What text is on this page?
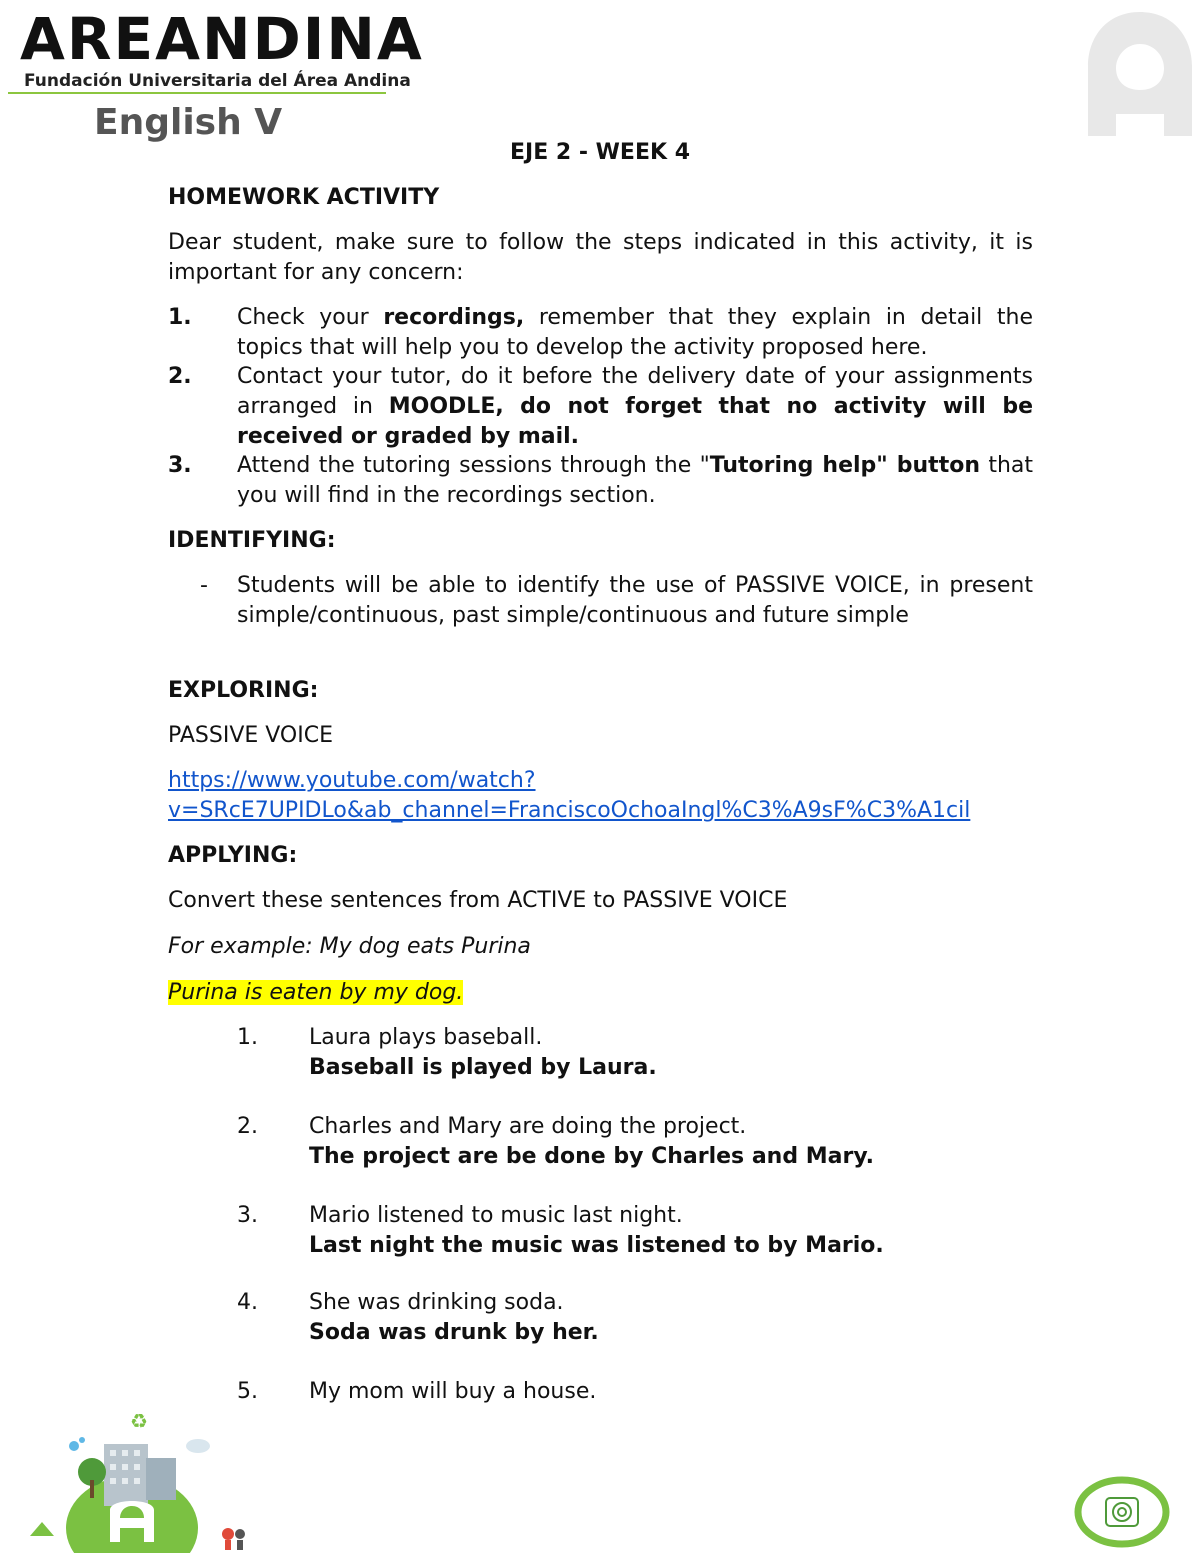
AREANDINA
Fundación Universitaria del Área Andina
English V
EJE 2 - WEEK 4
HOMEWORK ACTIVITY
Dear student, make sure to follow the steps indicated in this activity, it is important for any concern:
1.	Check your recordings, remember that they explain in detail the topics that will help you to develop the activity proposed here.
2.	Contact your tutor, do it before the delivery date of your assignments arranged in MOODLE, do not forget that no activity will be received or graded by mail.
3.	Attend the tutoring sessions through the "Tutoring help" button that you will find in the recordings section.
IDENTIFYING:
- Students will be able to identify the use of PASSIVE VOICE, in present simple/continuous, past simple/continuous and future simple
EXPLORING:
PASSIVE VOICE
https://www.youtube.com/watch?
v=SRcE7UPIDLo&ab_channel=FranciscoOchoaIngl%C3%A9sF%C3%A1cil
APPLYING:
Convert these sentences from ACTIVE to PASSIVE VOICE
For example: My dog eats Purina
Purina is eaten by my dog.
1. Laura plays baseball.
Baseball is played by Laura.
2. Charles and Mary are doing the project.
The project are be done by Charles and Mary.
3. Mario listened to music last night.
Last night the music was listened to by Mario.
4. She was drinking soda.
Soda was drunk by her.
5. My mom will buy a house.
♻
